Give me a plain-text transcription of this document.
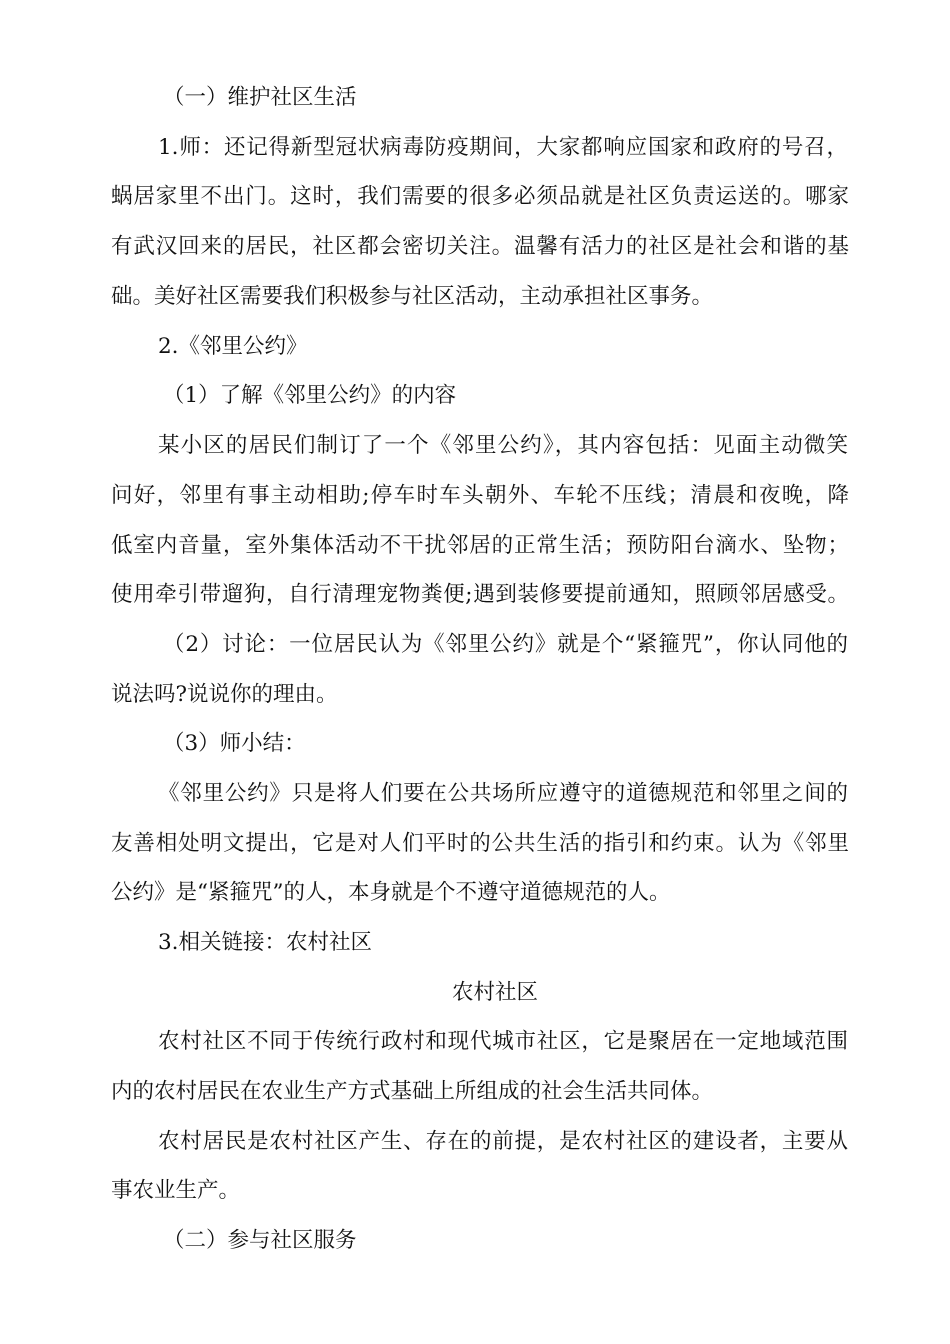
（一）维护社区生活

1.师：还记得新型冠状病毒防疫期间，大家都响应国家和政府的号召，

蜗居家里不出门。这时，我们需要的很多必须品就是社区负责运送的。哪家

有武汉回来的居民，社区都会密切关注。温馨有活力的社区是社会和谐的基

础。美好社区需要我们积极参与社区活动，主动承担社区事务。

2.《邻里公约》

（1）了解《邻里公约》的内容

某小区的居民们制订了一个《邻里公约》，其内容包括：见面主动微笑

问好，邻里有事主动相助;停车时车头朝外、车轮不压线；清晨和夜晚，降

低室内音量，室外集体活动不干扰邻居的正常生活；预防阳台滴水、坠物；

使用牵引带遛狗，自行清理宠物粪便;遇到装修要提前通知，照顾邻居感受。

（2）讨论：一位居民认为《邻里公约》就是个“紧箍咒”，你认同他的

说法吗?说说你的理由。

（3）师小结：

《邻里公约》只是将人们要在公共场所应遵守的道德规范和邻里之间的

友善相处明文提出，它是对人们平时的公共生活的指引和约束。认为《邻里

公约》是“紧箍咒”的人，本身就是个不遵守道德规范的人。

3.相关链接：农村社区

农村社区

农村社区不同于传统行政村和现代城市社区，它是聚居在一定地域范围

内的农村居民在农业生产方式基础上所组成的社会生活共同体。

农村居民是农村社区产生、存在的前提，是农村社区的建设者，主要从

事农业生产。

（二）参与社区服务
